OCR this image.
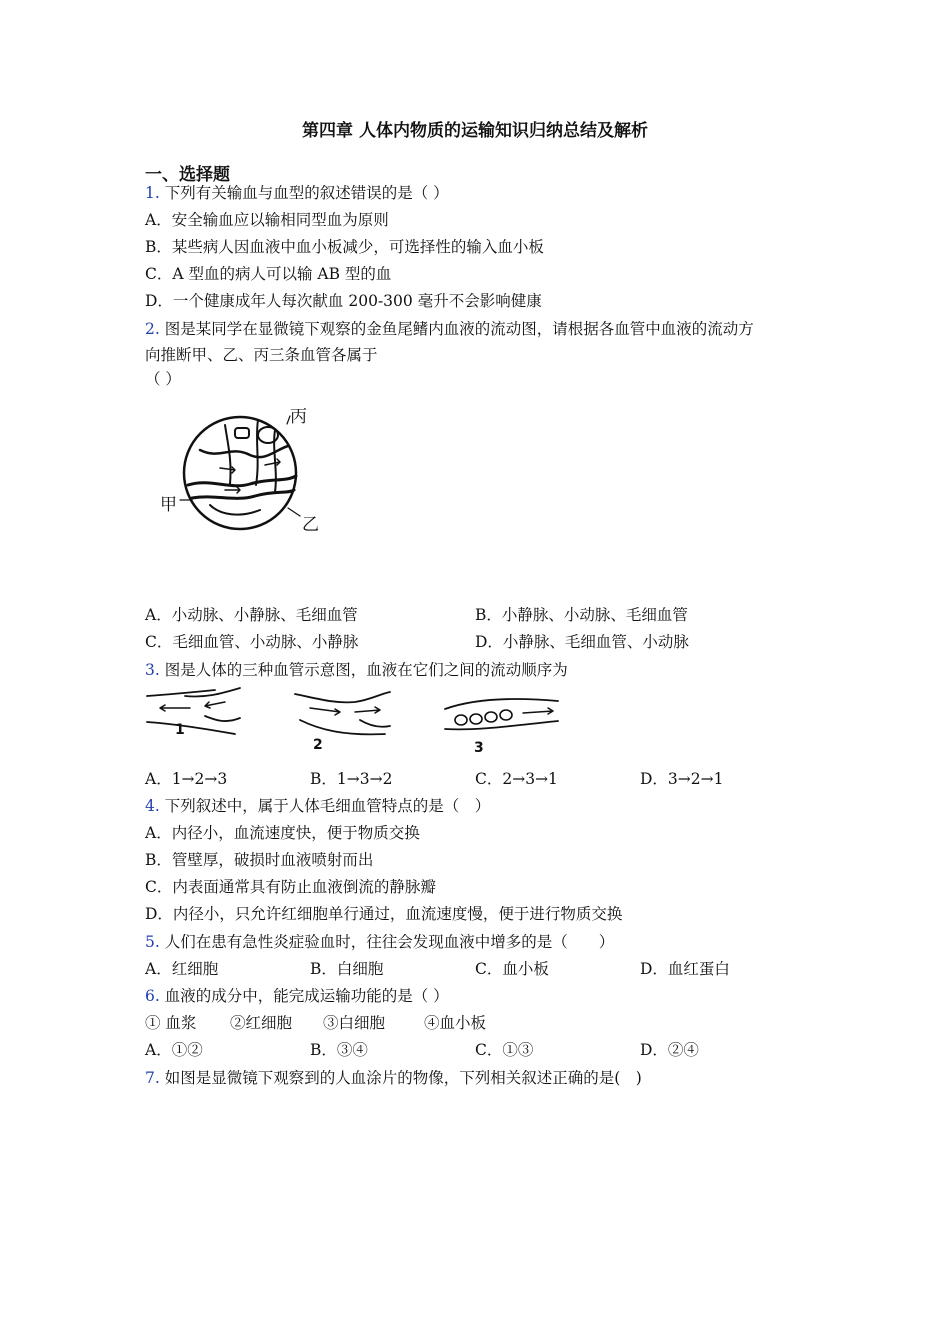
第四章 人体内物质的运输知识归纳总结及解析
一、选择题
1. 下列有关输血与血型的叙述错误的是（ ）
A．安全输血应以输相同型血为原则
B．某些病人因血液中血小板减少，可选择性的输入血小板
C．A 型血的病人可以输 AB 型的血
D．一个健康成年人每次献血 200-300 毫升不会影响健康
2. 图是某同学在显微镜下观察的金鱼尾鳍内血液的流动图，请根据各血管中血液的流动方
向推断甲、乙、丙三条血管各属于
（ ）
丙
甲
乙
A．小动脉、小静脉、毛细血管	B．小静脉、小动脉、毛细血管
C．毛细血管、小动脉、小静脉	D．小静脉、毛细血管、小动脉
3. 图是人体的三种血管示意图，血液在它们之间的流动顺序为
1
2	3
A．1→2→3	B．1→3→2	C．2→3→1	D．3→2→1
4. 下列叙述中，属于人体毛细血管特点的是（　）
A．内径小，血流速度快，便于物质交换
B．管壁厚，破损时血液喷射而出
C．内表面通常具有防止血液倒流的静脉瓣
D．内径小，只允许红细胞单行通过，血流速度慢，便于进行物质交换
5. 人们在患有急性炎症验血时，往往会发现血液中增多的是（　　）
A．红细胞	B．白细胞	C．血小板	D．血红蛋白
6. 血液的成分中，能完成运输功能的是（ ）
① 血浆 ②红细胞 ③白细胞	④血小板
A．①②	B．③④	C．①③	D．②④
7. 如图是显微镜下观察到的人血涂片的物像，下列相关叙述正确的是(　)
